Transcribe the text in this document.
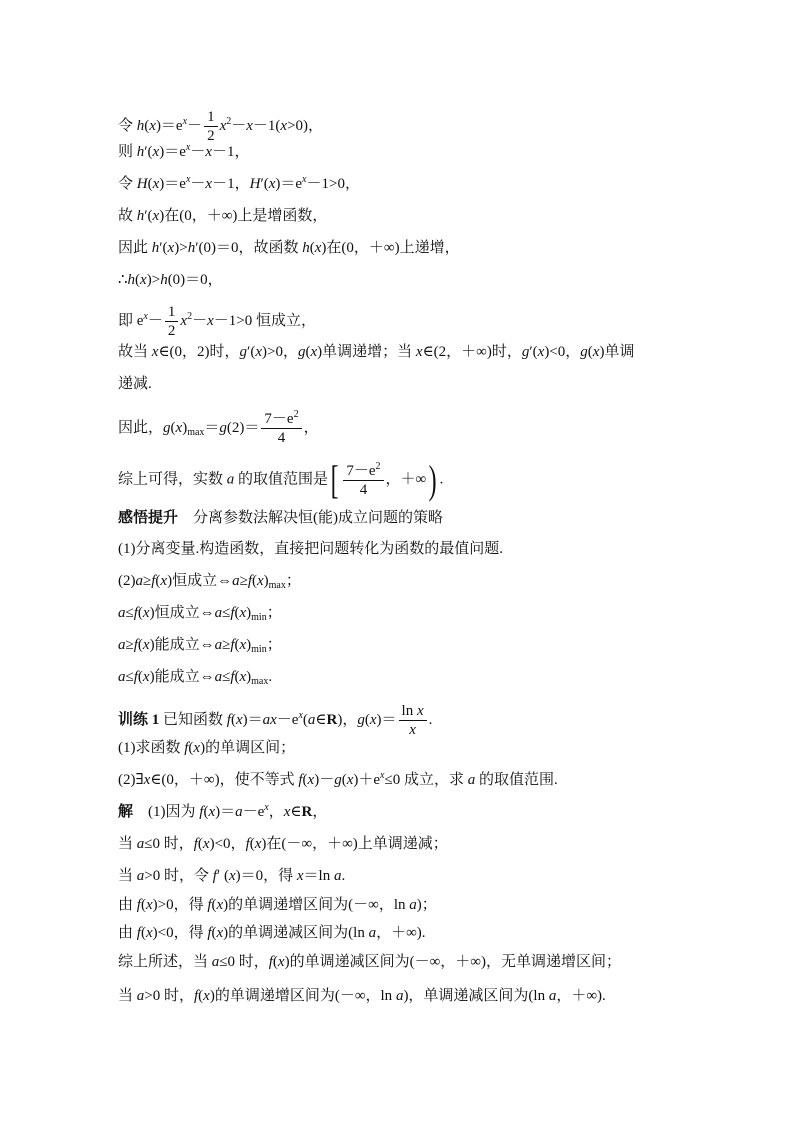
令 $h(x)=e^x- \frac{1}{2} x^2-x-1(x>0)$，
则 $h'(x)=e^x-x-1$，
令 $H(x)=e^x-x-1$，$H'(x)=e^x-1>0$，
故 h′(x)在(0，＋∞)上是增函数，
因此 h′(x)>h′(0)＝0，故函数 h(x)在(0，＋∞)上递增，
∴h(x)>h(0)＝0，
即 $e^x- \frac{1}{2} x^2-x-1>0$ 恒成立，
故当 x∈(0，2)时，g′(x)>0，g(x)单调递增；当 x∈(2，＋∞)时，g′(x)<0，g(x)单调
递减.
因此，$g(x)_{max}=g(2)= \frac{7-e^2}{4}$ ，
综上可得，实数 a 的取值范围是[ $\frac{7-e^2}{4}$ ，＋∞) .
感悟提升　分离参数法解决恒(能)成立问题的策略
(1)分离变量.构造函数，直接把问题转化为函数的最值问题.
(2)a≥f(x)恒成立$\Leftrightarrow a\ge f(x)_{max}$；
a≤f(x)恒成立$\Leftrightarrow a\le f(x)_{min}$；
a≥f(x)能成立$\Leftrightarrow a\ge f(x)_{min}$；
a≤f(x)能成立$\Leftrightarrow a\le f(x)_{max}$.
训练 1 已知函数 $f(x)=ax-e^x(a\in R)$，$g(x)= \frac{\text{ln x}}{x}$ .
(1)求函数 f(x)的单调区间；
(2)∃x∈(0，＋∞)，使不等式 $f(x)-g(x)+e^x\le 0$ 成立，求 a 的取值范围.
解　(1)因为 $f(x)=a-e^x$，x∈R，
当 a≤0 时，f(x)<0，f(x)在(－∞，＋∞)上单调递减；
当 a>0 时，令 f′ (x)＝0，得 x＝ln a.
由 f(x)>0，得 f(x)的单调递增区间为(－∞，ln a)；
由 f(x)<0，得 f(x)的单调递减区间为(ln a，＋∞).
综上所述，当 a≤0 时，f(x)的单调递减区间为(－∞，＋∞)，无单调递增区间；
当 a>0 时，f(x)的单调递增区间为(－∞，ln a)，单调递减区间为(ln a，＋∞).
